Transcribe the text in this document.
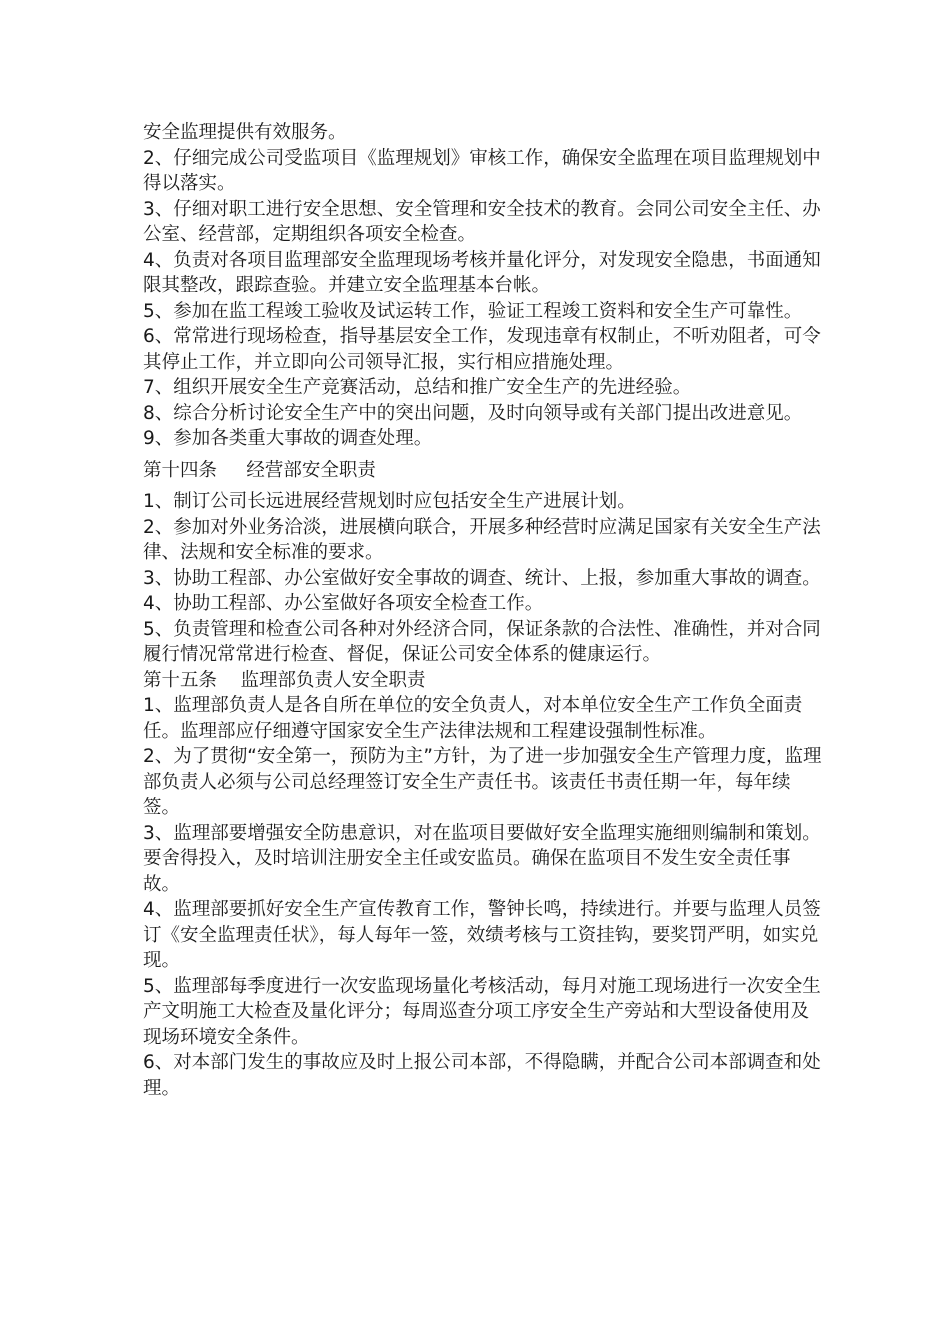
安全监理提供有效服务。

2、仔细完成公司受监项目《监理规划》审核工作，确保安全监理在项目监理规划中得以落实。

3、仔细对职工进行安全思想、安全管理和安全技术的教育。会同公司安全主任、办公室、经营部，定期组织各项安全检查。

4、负责对各项目监理部安全监理现场考核并量化评分，对发现安全隐患，书面通知限其整改，跟踪查验。并建立安全监理基本台帐。

5、参加在监工程竣工验收及试运转工作，验证工程竣工资料和安全生产可靠性。

6、常常进行现场检查，指导基层安全工作，发现违章有权制止，不听劝阻者，可令其停止工作，并立即向公司领导汇报，实行相应措施处理。

7、组织开展安全生产竞赛活动，总结和推广安全生产的先进经验。

8、综合分析讨论安全生产中的突出问题，及时向领导或有关部门提出改进意见。

9、参加各类重大事故的调查处理。

第十四条     经营部安全职责

1、制订公司长远进展经营规划时应包括安全生产进展计划。

2、参加对外业务洽淡，进展横向联合，开展多种经营时应满足国家有关安全生产法律、法规和安全标准的要求。

3、协助工程部、办公室做好安全事故的调查、统计、上报，参加重大事故的调查。

4、协助工程部、办公室做好各项安全检查工作。

5、负责管理和检查公司各种对外经济合同，保证条款的合法性、准确性，并对合同履行情况常常进行检查、督促，保证公司安全体系的健康运行。

第十五条    监理部负责人安全职责

1、监理部负责人是各自所在单位的安全负责人，对本单位安全生产工作负全面责任。监理部应仔细遵守国家安全生产法律法规和工程建设强制性标准。

2、为了贯彻“安全第一，预防为主”方针，为了进一步加强安全生产管理力度，监理部负责人必须与公司总经理签订安全生产责任书。该责任书责任期一年，每年续签。

3、监理部要增强安全防患意识，对在监项目要做好安全监理实施细则编制和策划。要舍得投入，及时培训注册安全主任或安监员。确保在监项目不发生安全责任事故。

4、监理部要抓好安全生产宣传教育工作，警钟长鸣，持续进行。并要与监理人员签订《安全监理责任状》，每人每年一签，效绩考核与工资挂钩，要奖罚严明，如实兑现。

5、监理部每季度进行一次安监现场量化考核活动，每月对施工现场进行一次安全生产文明施工大检查及量化评分；每周巡查分项工序安全生产旁站和大型设备使用及现场环境安全条件。

6、对本部门发生的事故应及时上报公司本部，不得隐瞒，并配合公司本部调查和处理。
